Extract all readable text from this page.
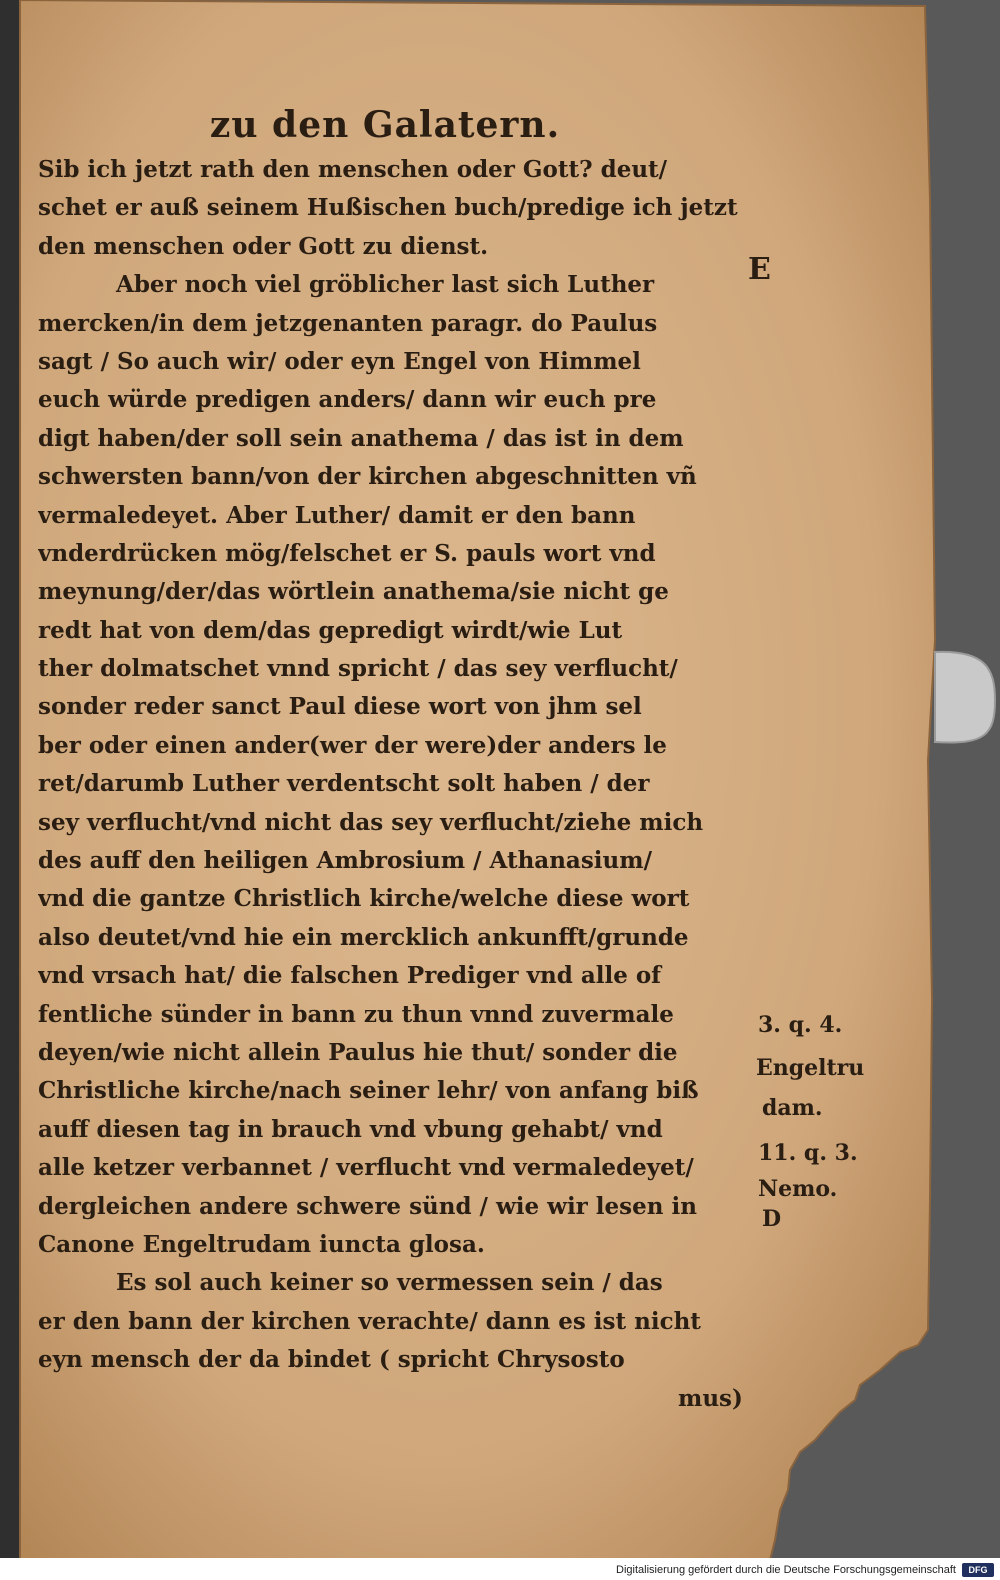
zu den Galatern.
Sib ich jetzt rath den menschen oder Gott? deut/
schet er auß seinem Hußischen buch/predige ich jetzt
den menschen oder Gott zu dienst.
Aber noch viel gröblicher last sich Luther
mercken/in dem jetzgenanten paragr. do Paulus
sagt / So auch wir/ oder eyn Engel von Himmel
euch würde predigen anders/ dann wir euch pre
digt haben/der soll sein anathema / das ist in dem
schwersten bann/von der kirchen abgeschnitten vñ
vermaledeyet. Aber Luther/ damit er den bann
vnderdrücken mög/felschet er S. pauls wort vnd
meynung/der/das wörtlein anathema/sie nicht ge
redt hat von dem/das gepredigt wirdt/wie Lut
ther dolmatschet vnnd spricht / das sey verflucht/
sonder reder sanct Paul diese wort von jhm sel
ber oder einen ander(wer der were)der anders le
ret/darumb Luther verdentscht solt haben / der
sey verflucht/vnd nicht das sey verflucht/ziehe mich
des auff den heiligen Ambrosium / Athanasium/
vnd die gantze Christlich kirche/welche diese wort
also deutet/vnd hie ein mercklich ankunfft/grunde
vnd vrsach hat/ die falschen Prediger vnd alle of
fentliche sünder in bann zu thun vnnd zuvermale
deyen/wie nicht allein Paulus hie thut/ sonder die
Christliche kirche/nach seiner lehr/ von anfang biß
auff diesen tag in brauch vnd vbung gehabt/ vnd
alle ketzer verbannet / verflucht vnd vermaledeyet/
dergleichen andere schwere sünd / wie wir lesen in
Canone Engeltrudam iuncta glosa.
Es sol auch keiner so vermessen sein / das
er den bann der kirchen verachte/ dann es ist nicht
eyn mensch der da bindet ( spricht Chrysosto
mus)
E
3. q. 4.
Engeltru
dam.
11. q. 3.
Nemo.
D
Digitalisierung gefördert durch die Deutsche Forschungsgemeinschaft	DFG
